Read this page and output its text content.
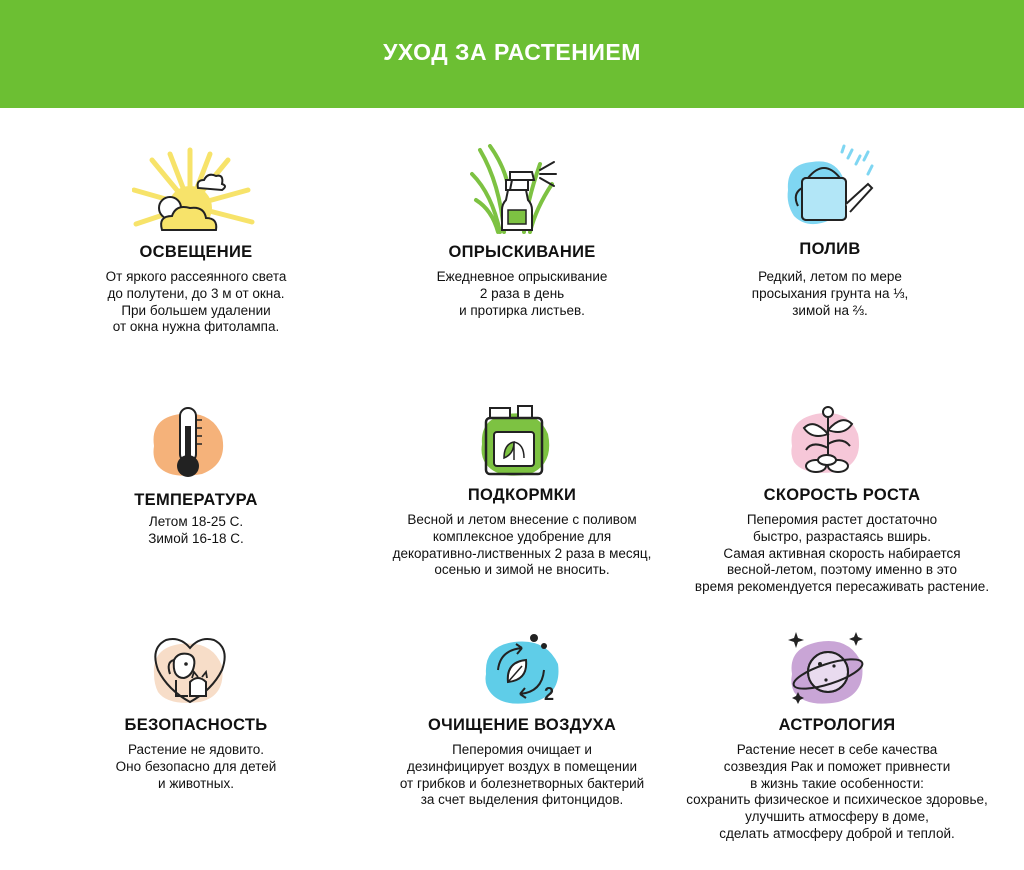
УХОД ЗА РАСТЕНИЕМ
ОСВЕЩЕНИЕ
От яркого рассеянного света
до полутени, до 3 м от окна.
При большем удалении
от окна нужна фитолампа.
ОПРЫСКИВАНИЕ
Ежедневное опрыскивание
2 раза в день
и протирка листьев.
ПОЛИВ
Редкий, летом по мере
просыхания грунта на ⅓,
зимой на ⅔.
ТЕМПЕРАТУРА
Летом 18-25 С.
Зимой 16-18 С.
ПОДКОРМКИ
Весной и летом внесение с поливом
комплексное удобрение для
декоративно-лиственных 2 раза в месяц,
осенью и зимой не вносить.
СКОРОСТЬ РОСТА
Пеперомия растет достаточно
быстро, разрастаясь вширь.
Самая активная скорость набирается
весной-летом, поэтому именно в это
время рекомендуется пересаживать растение.
БЕЗОПАСНОСТЬ
Растение не ядовито.
Оно безопасно для детей
и животных.
2
ОЧИЩЕНИЕ ВОЗДУХА
Пеперомия очищает и
дезинфицирует воздух в помещении
от грибков и болезнетворных бактерий
за счет выделения фитонцидов.
АСТРОЛОГИЯ
Растение несет в себе качества
созвездия Рак и поможет привнести
в жизнь такие особенности:
сохранить физическое и психическое здоровье,
улучшить атмосферу в доме,
сделать атмосферу доброй и теплой.
